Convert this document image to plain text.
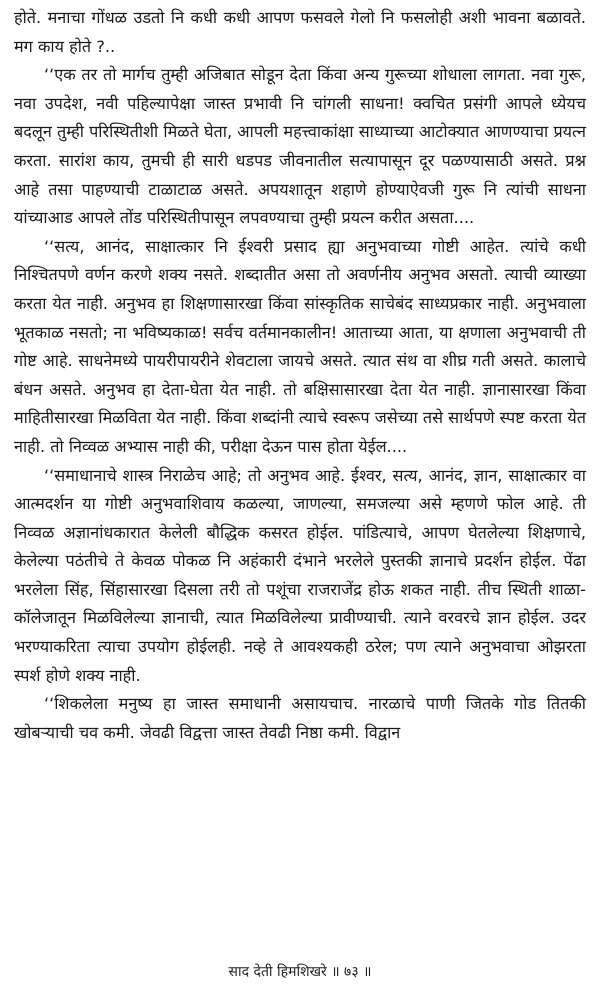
होते. मनाचा गोंधळ उडतो नि कधी कधी आपण फसवले गेलो नि फसलोही अशी भावना बळावते. मग काय होते ?..

‘‘एक तर तो मार्गच तुम्ही अजिबात सोडून देता किंवा अन्य गुरूच्या शोधाला लागता. नवा गुरू, नवा उपदेश, नवी पहिल्यापेक्षा जास्त प्रभावी नि चांगली साधना! क्वचित प्रसंगी आपले ध्येयच बदलून तुम्ही परिस्थितीशी मिळते घेता, आपली महत्त्वाकांक्षा साध्याच्या आटोक्यात आणण्याचा प्रयत्न करता. सारांश काय, तुमची ही सारी धडपड जीवनातील सत्यापासून दूर पळण्यासाठी असते. प्रश्न आहे तसा पाहण्याची टाळाटाळ असते. अपयशातून शहाणे होण्याऐवजी गुरू नि त्यांची साधना यांच्याआड आपले तोंड परिस्थितीपासून लपवण्याचा तुम्ही प्रयत्न करीत असता....

‘‘सत्य, आनंद, साक्षात्कार नि ईश्वरी प्रसाद ह्या अनुभवाच्या गोष्टी आहेत. त्यांचे कधी निश्चितपणे वर्णन करणे शक्य नसते. शब्दातीत असा तो अवर्णनीय अनुभव असतो. त्याची व्याख्या करता येत नाही. अनुभव हा शिक्षणासारखा किंवा सांस्कृतिक साचेबंद साध्यप्रकार नाही. अनुभवाला भूतकाळ नसतो; ना भविष्यकाळ! सर्वच वर्तमानकालीन! आताच्या आता, या क्षणाला अनुभवाची ती गोष्ट आहे. साधनेमध्ये पायरीपायरीने शेवटाला जायचे असते. त्यात संथ वा शीघ्र गती असते. कालाचे बंधन असते. अनुभव हा देता-घेता येत नाही. तो बक्षिसासारखा देता येत नाही. ज्ञानासारखा किंवा माहितीसारखा मिळविता येत नाही. किंवा शब्दांनी त्याचे स्वरूप जसेच्या तसे सार्थपणे स्पष्ट करता येत नाही. तो निव्वळ अभ्यास नाही की, परीक्षा देऊन पास होता येईल....

‘‘समाधानाचे शास्त्र निराळेच आहे; तो अनुभव आहे. ईश्वर, सत्य, आनंद, ज्ञान, साक्षात्कार वा आत्मदर्शन या गोष्टी अनुभवाशिवाय कळल्या, जाणल्या, समजल्या असे म्हणणे फोल आहे. ती निव्वळ अज्ञानांधकारात केलेली बौद्धिक कसरत होईल. पांडित्याचे, आपण घेतलेल्या शिक्षणाचे, केलेल्या पठंतीचे ते केवळ पोकळ नि अहंकारी दंभाने भरलेले पुस्तकी ज्ञानाचे प्रदर्शन होईल. पेंढा भरलेला सिंह, सिंहासारखा दिसला तरी तो पशूंचा राजराजेंद्र होऊ शकत नाही. तीच स्थिती शाळा-कॉलेजातून मिळविलेल्या ज्ञानाची, त्यात मिळविलेल्या प्रावीण्याची. त्याने वरवरचे ज्ञान होईल. उदर भरण्याकरिता त्याचा उपयोग होईलही. नव्हे ते आवश्यकही ठरेल; पण त्याने अनुभवाचा ओझरता स्पर्श होणे शक्य नाही.

‘‘शिकलेला मनुष्य हा जास्त समाधानी असायचाच. नारळाचे पाणी जितके गोड तितकी खोबऱ्याची चव कमी. जेवढी विद्वत्ता जास्त तेवढी निष्ठा कमी. विद्वान

साद देती हिमशिखरे ॥ ७३ ॥
